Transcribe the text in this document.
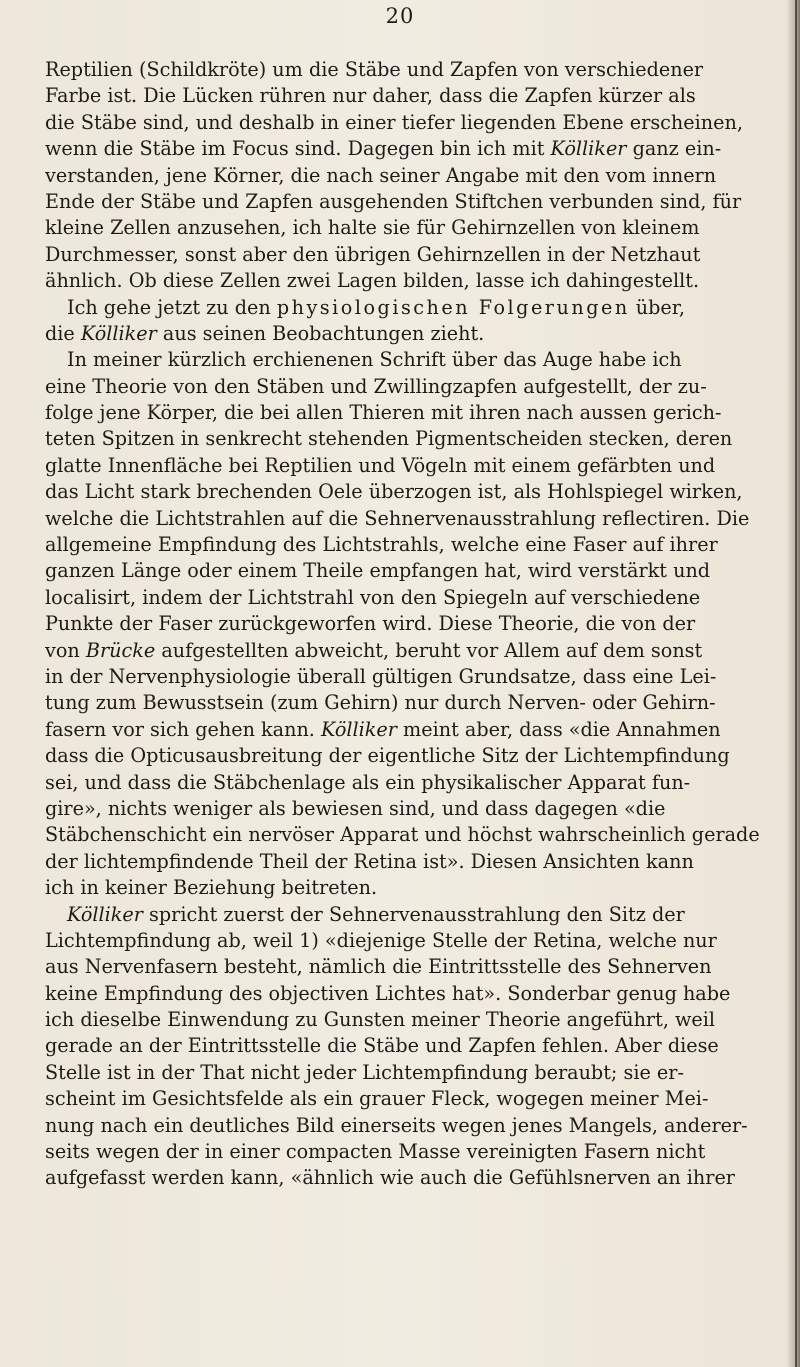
20
Reptilien (Schildkröte) um die Stäbe und Zapfen von verschiedener
Farbe ist. Die Lücken rühren nur daher, dass die Zapfen kürzer als
die Stäbe sind, und deshalb in einer tiefer liegenden Ebene erscheinen,
wenn die Stäbe im Focus sind. Dagegen bin ich mit Kölliker ganz ein-
verstanden, jene Körner, die nach seiner Angabe mit den vom innern
Ende der Stäbe und Zapfen ausgehenden Stiftchen verbunden sind, für
kleine Zellen anzusehen, ich halte sie für Gehirnzellen von kleinem
Durchmesser, sonst aber den übrigen Gehirnzellen in der Netzhaut
ähnlich. Ob diese Zellen zwei Lagen bilden, lasse ich dahingestellt.
Ich gehe jetzt zu den physiologischen Folgerungen über,
die Kölliker aus seinen Beobachtungen zieht.
In meiner kürzlich erchienenen Schrift über das Auge habe ich
eine Theorie von den Stäben und Zwillingzapfen aufgestellt, der zu-
folge jene Körper, die bei allen Thieren mit ihren nach aussen gerich-
teten Spitzen in senkrecht stehenden Pigmentscheiden stecken, deren
glatte Innenfläche bei Reptilien und Vögeln mit einem gefärbten und
das Licht stark brechenden Oele überzogen ist, als Hohlspiegel wirken,
welche die Lichtstrahlen auf die Sehnervenausstrahlung reflectiren. Die
allgemeine Empfindung des Lichtstrahls, welche eine Faser auf ihrer
ganzen Länge oder einem Theile empfangen hat, wird verstärkt und
localisirt, indem der Lichtstrahl von den Spiegeln auf verschiedene
Punkte der Faser zurückgeworfen wird. Diese Theorie, die von der
von Brücke aufgestellten abweicht, beruht vor Allem auf dem sonst
in der Nervenphysiologie überall gültigen Grundsatze, dass eine Lei-
tung zum Bewusstsein (zum Gehirn) nur durch Nerven- oder Gehirn-
fasern vor sich gehen kann. Kölliker meint aber, dass «die Annahmen
dass die Opticusausbreitung der eigentliche Sitz der Lichtempfindung
sei, und dass die Stäbchenlage als ein physikalischer Apparat fun-
gire», nichts weniger als bewiesen sind, und dass dagegen «die
Stäbchenschicht ein nervöser Apparat und höchst wahrscheinlich gerade
der lichtempfindende Theil der Retina ist». Diesen Ansichten kann
ich in keiner Beziehung beitreten.
Kölliker spricht zuerst der Sehnervenausstrahlung den Sitz der
Lichtempfindung ab, weil 1) «diejenige Stelle der Retina, welche nur
aus Nervenfasern besteht, nämlich die Eintrittsstelle des Sehnerven
keine Empfindung des objectiven Lichtes hat». Sonderbar genug habe
ich dieselbe Einwendung zu Gunsten meiner Theorie angeführt, weil
gerade an der Eintrittsstelle die Stäbe und Zapfen fehlen. Aber diese
Stelle ist in der That nicht jeder Lichtempfindung beraubt; sie er-
scheint im Gesichtsfelde als ein grauer Fleck, wogegen meiner Mei-
nung nach ein deutliches Bild einerseits wegen jenes Mangels, anderer-
seits wegen der in einer compacten Masse vereinigten Fasern nicht
aufgefasst werden kann, «ähnlich wie auch die Gefühlsnerven an ihrer
